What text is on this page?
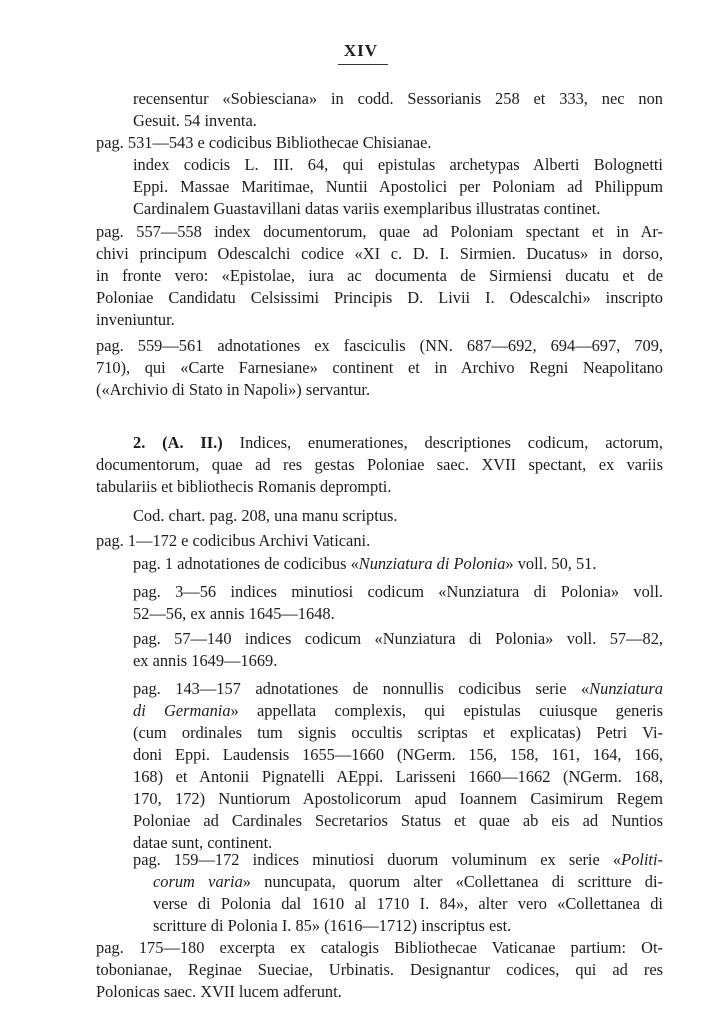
XIV
recensentur «Sobiesciana» in codd. Sessorianis 258 et 333, nec non
Gesuit. 54 inventa.
pag. 531—543 e codicibus Bibliothecae Chisianae.
index codicis L. III. 64, qui epistulas archetypas Alberti Bolognetti
Eppi. Massae Maritimae, Nuntii Apostolici per Poloniam ad Philippum
Cardinalem Guastavillani datas variis exemplaribus illustratas continet.
pag. 557—558 index documentorum, quae ad Poloniam spectant et in Ar-
chivi principum Odescalchi codice «XI c. D. I. Sirmien. Ducatus» in dorso,
in fronte vero: «Epistolae, iura ac documenta de Sirmiensi ducatu et de
Poloniae Candidatu Celsissimi Principis D. Livii I. Odescalchi» inscripto
inveniuntur.
pag. 559—561 adnotationes ex fasciculis (NN. 687—692, 694—697, 709,
710), qui «Carte Farnesiane» continent et in Archivo Regni Neapolitano
(«Archivio di Stato in Napoli») servantur.
2. (A. II.) Indices, enumerationes, descriptiones codicum, actorum,
documentorum, quae ad res gestas Poloniae saec. XVII spectant, ex variis
tabulariis et bibliothecis Romanis deprompti.
Cod. chart. pag. 208, una manu scriptus.
pag. 1—172 e codicibus Archivi Vaticani.
pag. 1 adnotationes de codicibus «Nunziatura di Polonia» voll. 50, 51.
pag. 3—56 indices minutiosi codicum «Nunziatura di Polonia» voll.
52—56, ex annis 1645—1648.
pag. 57—140 indices codicum «Nunziatura di Polonia» voll. 57—82,
ex annis 1649—1669.
pag. 143—157 adnotationes de nonnullis codicibus serie «Nunziatura
di Germania» appellata complexis, qui epistulas cuiusque generis
(cum ordinales tum signis occultis scriptas et explicatas) Petri Vi-
doni Eppi. Laudensis 1655—1660 (NGerm. 156, 158, 161, 164, 166,
168) et Antonii Pignatelli AEppi. Larisseni 1660—1662 (NGerm. 168,
170, 172) Nuntiorum Apostolicorum apud Ioannem Casimirum Regem
Poloniae ad Cardinales Secretarios Status et quae ab eis ad Nuntios
datae sunt, continent.
pag. 159—172 indices minutiosi duorum voluminum ex serie «Politi-
corum varia» nuncupata, quorum alter «Collettanea di scritture di-
verse di Polonia dal 1610 al 1710 I. 84», alter vero «Collettanea di
scritture di Polonia I. 85» (1616—1712) inscriptus est.
pag. 175—180 excerpta ex catalogis Bibliothecae Vaticanae partium: Ot-
tobonianae, Reginae Sueciae, Urbinatis. Designantur codices, qui ad res
Polonicas saec. XVII lucem adferunt.
